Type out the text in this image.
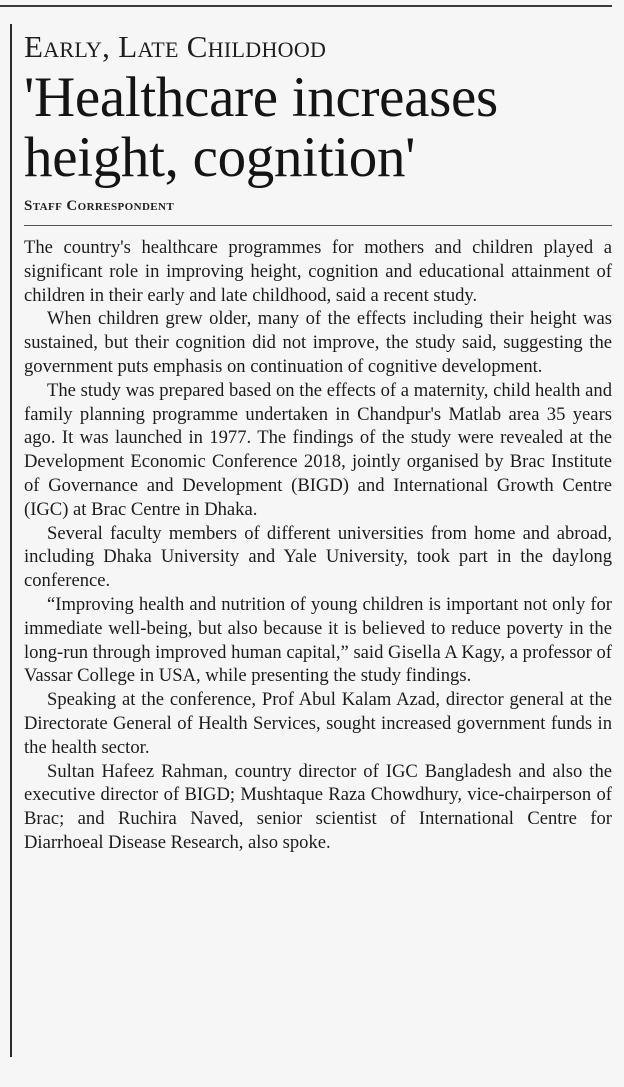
Early, Late Childhood
'Healthcare increases height, cognition'
Staff Correspondent

The country's healthcare programmes for mothers and children played a significant role in improving height, cognition and educational attainment of children in their early and late childhood, said a recent study.

When children grew older, many of the effects including their height was sustained, but their cognition did not improve, the study said, suggesting the government puts emphasis on continuation of cognitive development.

The study was prepared based on the effects of a maternity, child health and family planning programme undertaken in Chandpur's Matlab area 35 years ago. It was launched in 1977. The findings of the study were revealed at the Development Economic Conference 2018, jointly organised by Brac Institute of Governance and Development (BIGD) and International Growth Centre (IGC) at Brac Centre in Dhaka.

Several faculty members of different universities from home and abroad, including Dhaka University and Yale University, took part in the daylong conference.

“Improving health and nutrition of young children is important not only for immediate well-being, but also because it is believed to reduce poverty in the long-run through improved human capital,” said Gisella A Kagy, a professor of Vassar College in USA, while presenting the study findings.

Speaking at the conference, Prof Abul Kalam Azad, director general at the Directorate General of Health Services, sought increased government funds in the health sector.

Sultan Hafeez Rahman, country director of IGC Bangladesh and also the executive director of BIGD; Mushtaque Raza Chowdhury, vice-chairperson of Brac; and Ruchira Naved, senior scientist of International Centre for Diarrhoeal Disease Research, also spoke.
